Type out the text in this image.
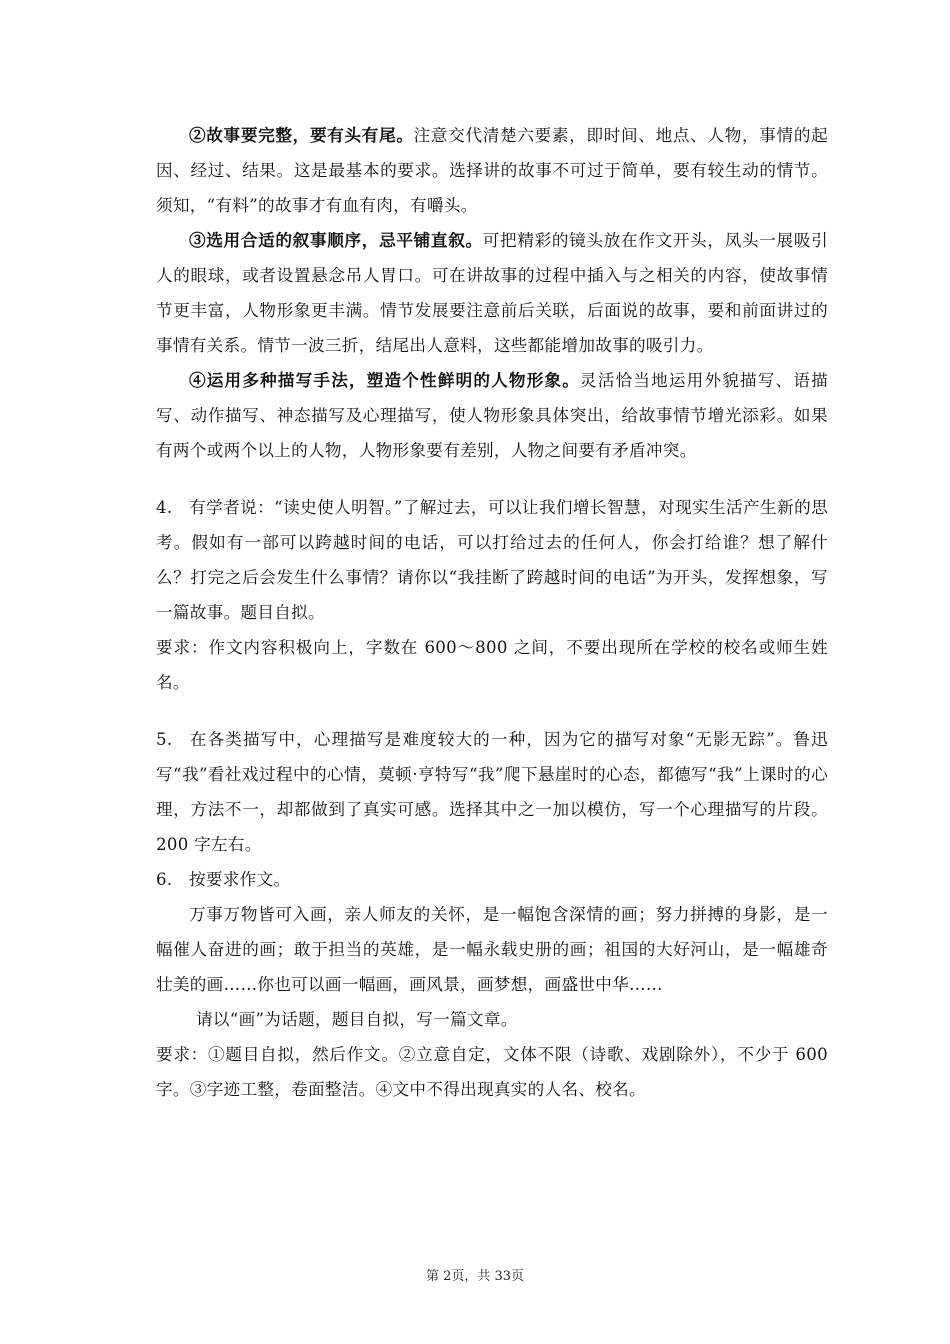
②故事要完整，要有头有尾。注意交代清楚六要素，即时间、地点、人物，事情的起因、经过、结果。这是最基本的要求。选择讲的故事不可过于简单，要有较生动的情节。须知，“有料”的故事才有血有肉，有嚼头。

③选用合适的叙事顺序，忌平铺直叙。可把精彩的镜头放在作文开头，凤头一展吸引人的眼球，或者设置悬念吊人胃口。可在讲故事的过程中插入与之相关的内容，使故事情节更丰富，人物形象更丰满。情节发展要注意前后关联，后面说的故事，要和前面讲过的事情有关系。情节一波三折，结尾出人意料，这些都能增加故事的吸引力。

④运用多种描写手法，塑造个性鲜明的人物形象。灵活恰当地运用外貌描写、语描写、动作描写、神态描写及心理描写，使人物形象具体突出，给故事情节增光添彩。如果有两个或两个以上的人物，人物形象要有差别，人物之间要有矛盾冲突。

4. 有学者说：“读史使人明智。”了解过去，可以让我们增长智慧，对现实生活产生新的思考。假如有一部可以跨越时间的电话，可以打给过去的任何人，你会打给谁？想了解什么？打完之后会发生什么事情？请你以“我挂断了跨越时间的电话”为开头，发挥想象，写一篇故事。题目自拟。

要求：作文内容积极向上，字数在 600～800 之间，不要出现所在学校的校名或师生姓名。

5. 在各类描写中，心理描写是难度较大的一种，因为它的描写对象“无影无踪”。鲁迅写“我”看社戏过程中的心情，莫顿·亨特写“我”爬下悬崖时的心态，都德写“我”上课时的心理，方法不一，却都做到了真实可感。选择其中之一加以模仿，写一个心理描写的片段。200 字左右。

6. 按要求作文。

万事万物皆可入画，亲人师友的关怀，是一幅饱含深情的画；努力拼搏的身影，是一幅催人奋进的画；敢于担当的英雄，是一幅永载史册的画；祖国的大好河山，是一幅雄奇壮美的画……你也可以画一幅画，画风景，画梦想，画盛世中华……

请以“画”为话题，题目自拟，写一篇文章。

要求：①题目自拟，然后作文。②立意自定，文体不限（诗歌、戏剧除外），不少于 600 字。③字迹工整，卷面整洁。④文中不得出现真实的人名、校名。

第 2页，共 33页
